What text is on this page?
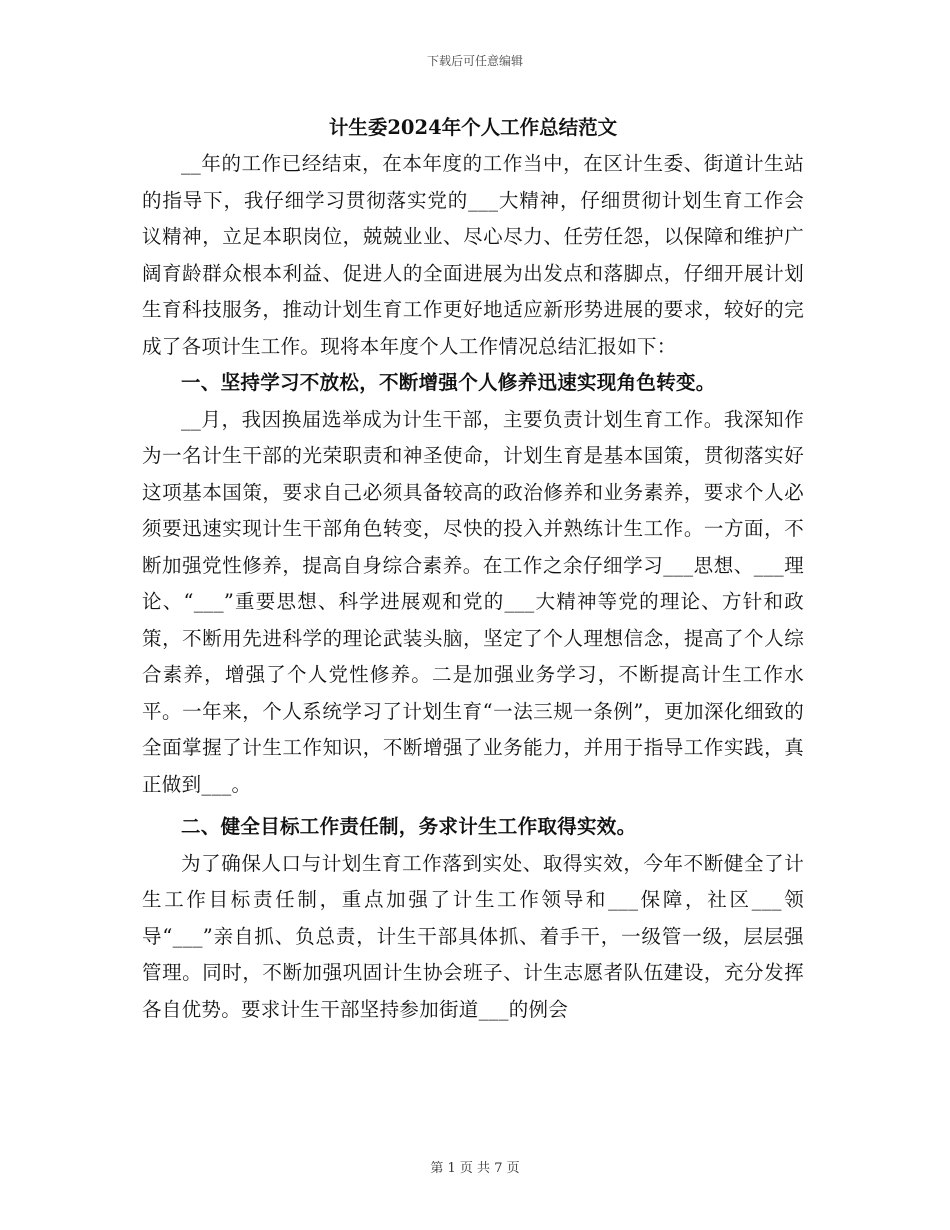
下载后可任意编辑
计生委2024年个人工作总结范文

__年的工作已经结束，在本年度的工作当中，在区计生委、街道计生站的指导下，我仔细学习贯彻落实党的___大精神，仔细贯彻计划生育工作会议精神，立足本职岗位，兢兢业业、尽心尽力、任劳任怨，以保障和维护广阔育龄群众根本利益、促进人的全面进展为出发点和落脚点，仔细开展计划生育科技服务，推动计划生育工作更好地适应新形势进展的要求，较好的完成了各项计生工作。现将本年度个人工作情况总结汇报如下：

一、坚持学习不放松，不断增强个人修养迅速实现角色转变。

__月，我因换届选举成为计生干部，主要负责计划生育工作。我深知作为一名计生干部的光荣职责和神圣使命，计划生育是基本国策，贯彻落实好这项基本国策，要求自己必须具备较高的政治修养和业务素养，要求个人必须要迅速实现计生干部角色转变，尽快的投入并熟练计生工作。一方面，不断加强党性修养，提高自身综合素养。在工作之余仔细学习___思想、___理论、“___”重要思想、科学进展观和党的___大精神等党的理论、方针和政策，不断用先进科学的理论武装头脑，坚定了个人理想信念，提高了个人综合素养，增强了个人党性修养。二是加强业务学习，不断提高计生工作水平。一年来，个人系统学习了计划生育“一法三规一条例”，更加深化细致的全面掌握了计生工作知识，不断增强了业务能力，并用于指导工作实践，真正做到___。

二、健全目标工作责任制，务求计生工作取得实效。

为了确保人口与计划生育工作落到实处、取得实效，今年不断健全了计生工作目标责任制，重点加强了计生工作领导和___保障，社区___领导“___”亲自抓、负总责，计生干部具体抓、着手干，一级管一级，层层强管理。同时，不断加强巩固计生协会班子、计生志愿者队伍建设，充分发挥各自优势。要求计生干部坚持参加街道___的例会

第 1 页 共 7 页
